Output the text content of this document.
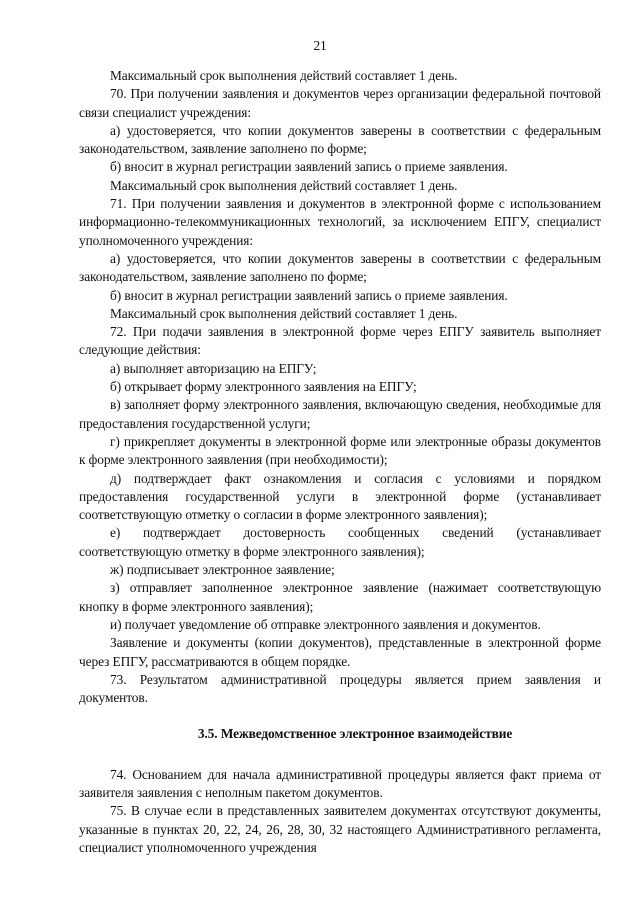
21

Максимальный срок выполнения действий составляет 1 день.

70. При получении заявления и документов через организации федеральной почтовой связи специалист учреждения:

а) удостоверяется, что копии документов заверены в соответствии с федеральным законодательством, заявление заполнено по форме;

б) вносит в журнал регистрации заявлений запись о приеме заявления.

Максимальный срок выполнения действий составляет 1 день.

71. При получении заявления и документов в электронной форме с использованием информационно-телекоммуникационных технологий, за исключением ЕПГУ, специалист уполномоченного учреждения:

а) удостоверяется, что копии документов заверены в соответствии с федеральным законодательством, заявление заполнено по форме;

б) вносит в журнал регистрации заявлений запись о приеме заявления.

Максимальный срок выполнения действий составляет 1 день.

72. При подачи заявления в электронной форме через ЕПГУ заявитель выполняет следующие действия:

а) выполняет авторизацию на ЕПГУ;

б) открывает форму электронного заявления на ЕПГУ;

в) заполняет форму электронного заявления, включающую сведения, необходимые для предоставления государственной услуги;

г) прикрепляет документы в электронной форме или электронные образы документов к форме электронного заявления (при необходимости);

д) подтверждает факт ознакомления и согласия с условиями и порядком предоставления государственной услуги в электронной форме (устанавливает соответствующую отметку о согласии в форме электронного заявления);

е) подтверждает достоверность сообщенных сведений (устанавливает соответствующую отметку в форме электронного заявления);

ж) подписывает электронное заявление;

з) отправляет заполненное электронное заявление (нажимает соответствующую кнопку в форме электронного заявления);

и) получает уведомление об отправке электронного заявления и документов.

Заявление и документы (копии документов), представленные в электронной форме через ЕПГУ, рассматриваются в общем порядке.

73. Результатом административной процедуры является прием заявления и документов.

3.5. Межведомственное электронное взаимодействие

74. Основанием для начала административной процедуры является факт приема от заявителя заявления с неполным пакетом документов.

75. В случае если в представленных заявителем документах отсутствуют документы, указанные в пунктах 20, 22, 24, 26, 28, 30, 32 настоящего Административного регламента, специалист уполномоченного учреждения
